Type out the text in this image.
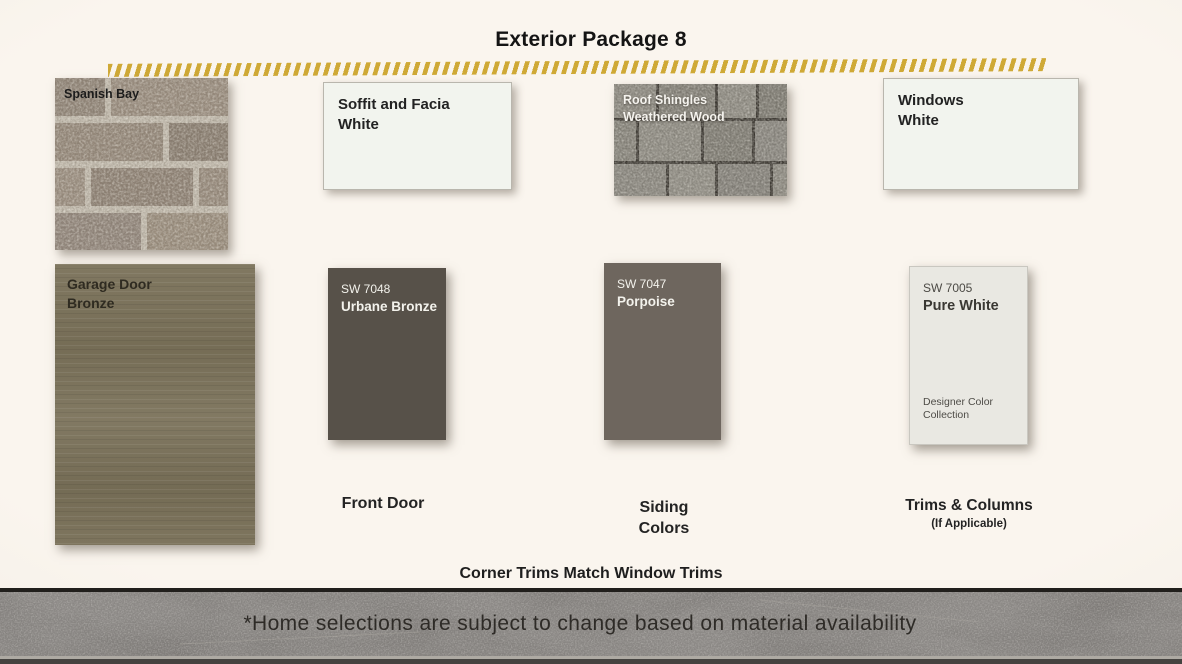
Exterior Package 8
Spanish Bay
Soffit and Facia
White
Roof Shingles
Weathered Wood
Windows
White
Garage Door
Bronze
SW 7048
Urbane Bronze
SW 7047
Porpoise
SW 7005
Pure White
Designer Color Collection
Front Door	Siding
Colors
Trims & Columns
(If Applicable)
Corner Trims Match Window Trims
*Home selections are subject to change based on material availability
